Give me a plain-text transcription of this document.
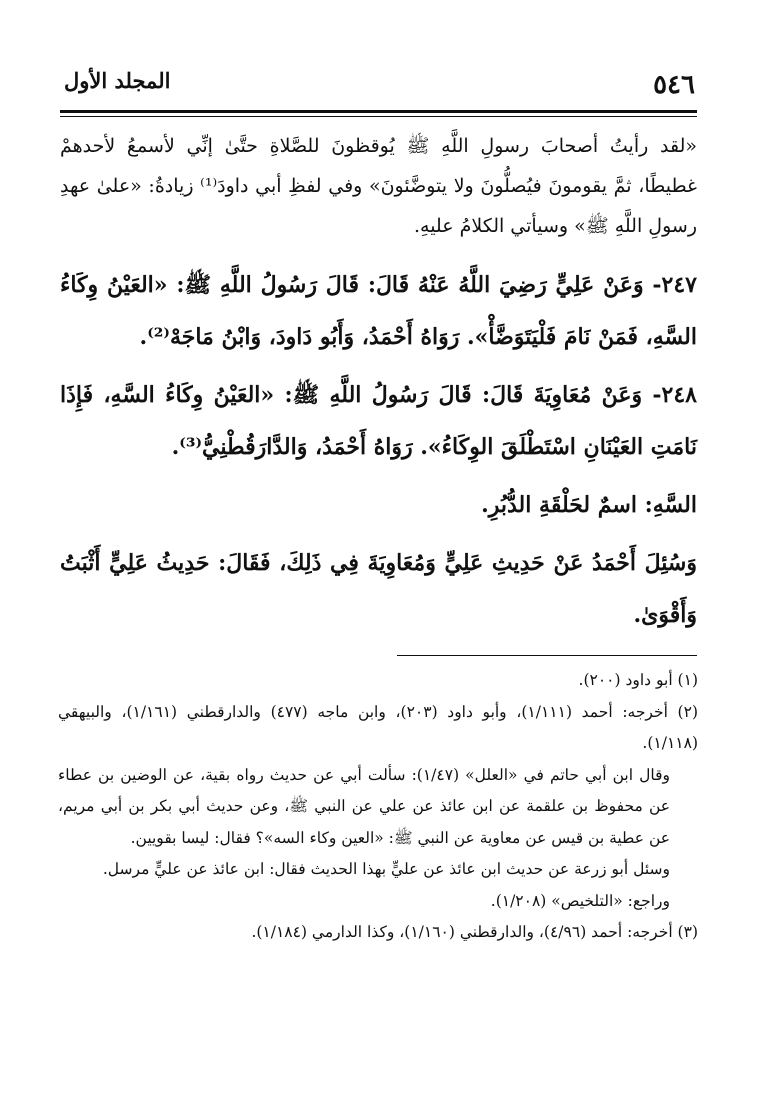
٥٤٦
المجلد الأول

«لقد رأيتُ أصحابَ رسولِ اللَّهِ ﷺ يُوقظونَ للصَّلاةِ حتَّىٰ إنِّي لأسمعُ لأحدهمْ غطيطًا، ثمَّ يقومونَ فيُصلُّونَ ولا يتوضَّئونَ» وفي لفظِ أبي داودَ⁽¹⁾ زيادةُ: «علىٰ عهدِ رسولِ اللَّهِ ﷺ» وسيأتي الكلامُ عليهِ.

٢٤٧- وَعَنْ عَلِيٍّ رَضِيَ اللَّهُ عَنْهُ قَالَ: قَالَ رَسُولُ اللَّهِ ﷺ: «العَيْنُ وِكَاءُ السَّهِ، فَمَنْ نَامَ فَلْيَتَوَضَّأْ». رَوَاهُ أَحْمَدُ، وَأَبُو دَاودَ، وَابْنُ مَاجَهْ⁽²⁾.

٢٤٨- وَعَنْ مُعَاوِيَةَ قَالَ: قَالَ رَسُولُ اللَّهِ ﷺ: «العَيْنُ وِكَاءُ السَّهِ، فَإِذَا نَامَتِ العَيْنَانِ اسْتَطْلَقَ الوِكَاءُ». رَوَاهُ أَحْمَدُ، وَالدَّارَقُطْنِيُّ⁽³⁾.

السَّهِ: اسمٌ لحَلْقَةِ الدُّبُرِ.

وَسُئِلَ أَحْمَدُ عَنْ حَدِيثِ عَلِيٍّ وَمُعَاوِيَةَ فِي ذَلِكَ، فَقَالَ: حَدِيثُ عَلِيٍّ أَثْبَتُ وَأَقْوَىٰ.

(١) أبو داود (٢٠٠).

(٢) أخرجه: أحمد (١/١١١)، وأبو داود (٢٠٣)، وابن ماجه (٤٧٧) والدارقطني (١/١٦١)، والبيهقي (١/١١٨).

وقال ابن أبي حاتم في «العلل» (١/٤٧): سألت أبي عن حديث رواه بقية، عن الوضين بن عطاء عن محفوظ بن علقمة عن ابن عائذ عن علي عن النبي ﷺ، وعن حديث أبي بكر بن أبي مريم، عن عطية بن قيس عن معاوية عن النبي ﷺ: «العين وكاء السه»؟ فقال: ليسا بقويين.

وسئل أبو زرعة عن حديث ابن عائذ عن عليٍّ بهذا الحديث فقال: ابن عائذ عن عليٍّ مرسل.

وراجع: «التلخيص» (١/٢٠٨).

(٣) أخرجه: أحمد (٤/٩٦)، والدارقطني (١/١٦٠)، وكذا الدارمي (١/١٨٤).
